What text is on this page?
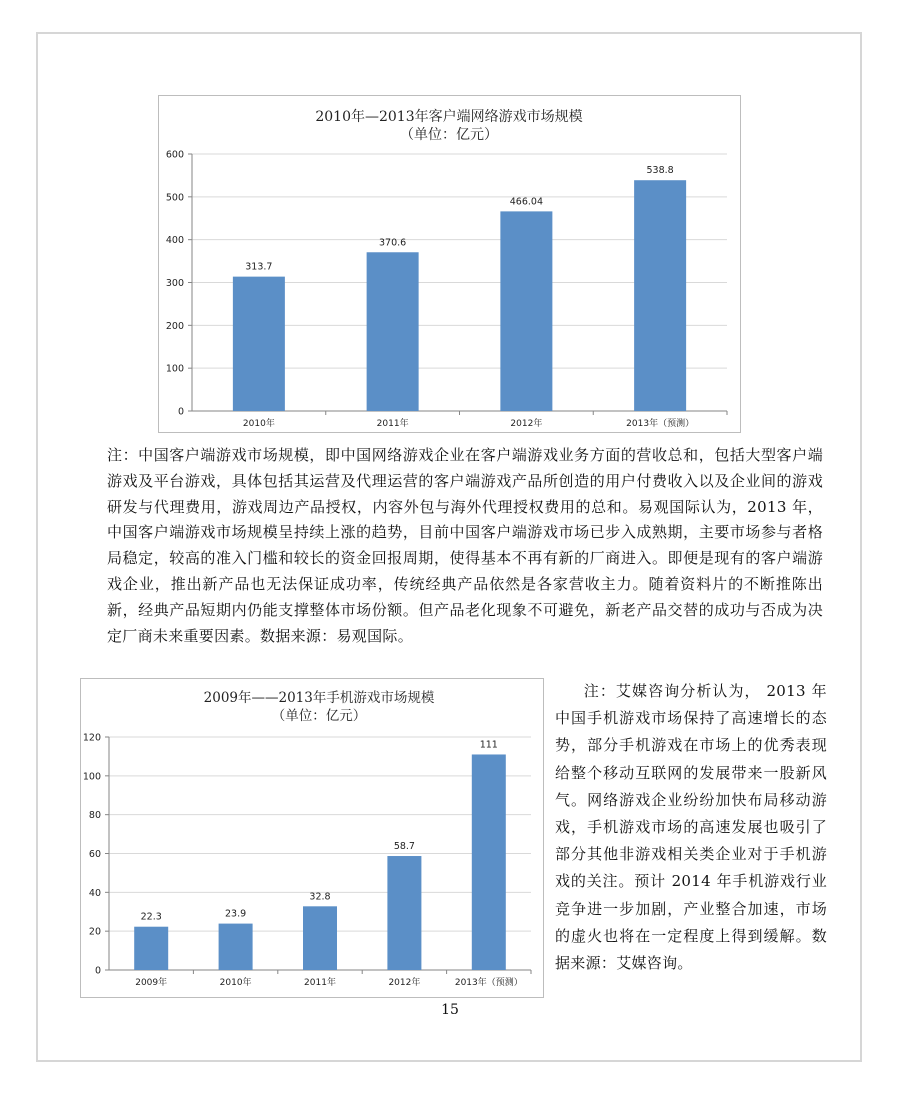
2010年—2013年客户端网络游戏市场规模
（单位：亿元）
0
100
200
300
400
500
600
313.7
2010年
370.6
2011年
466.04
2012年
538.8
2013年（预测）
注：中国客户端游戏市场规模，即中国网络游戏企业在客户端游戏业务方面的营收总和，包括大型客户端游戏及平台游戏，具体包括其运营及代理运营的客户端游戏产品所创造的用户付费收入以及企业间的游戏研发与代理费用，游戏周边产品授权，内容外包与海外代理授权费用的总和。易观国际认为，2013 年，中国客户端游戏市场规模呈持续上涨的趋势，目前中国客户端游戏市场已步入成熟期，主要市场参与者格局稳定，较高的准入门槛和较长的资金回报周期，使得基本不再有新的厂商进入。即便是现有的客户端游戏企业，推出新产品也无法保证成功率，传统经典产品依然是各家营收主力。随着资料片的不断推陈出新，经典产品短期内仍能支撑整体市场份额。但产品老化现象不可避免，新老产品交替的成功与否成为决定厂商未来重要因素。数据来源：易观国际。
2009年——2013年手机游戏市场规模
（单位：亿元）
0
20
40
60
80
100
120
22.3
2009年
23.9
2010年
32.8
2011年
58.7
2012年
111
2013年（预测）
注：艾媒咨询分析认为， 2013 年中国手机游戏市场保持了高速增长的态势，部分手机游戏在市场上的优秀表现给整个移动互联网的发展带来一股新风气。网络游戏企业纷纷加快布局移动游戏，手机游戏市场的高速发展也吸引了部分其他非游戏相关类企业对于手机游戏的关注。预计 2014 年手机游戏行业竞争进一步加剧，产业整合加速，市场的虚火也将在一定程度上得到缓解。数据来源：艾媒咨询。
15
